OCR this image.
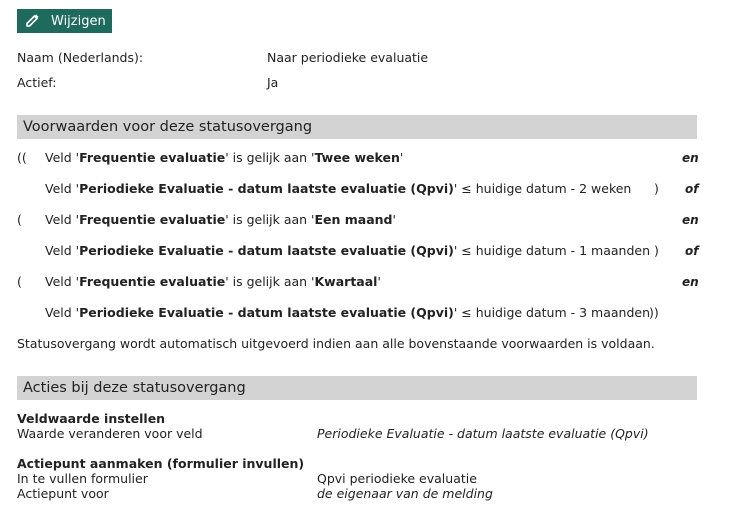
Wijzigen
Naam (Nederlands):	Naar periodieke evaluatie
Actief:	Ja
Voorwaarden voor deze statusovergang
(( Veld 'Frequentie evaluatie' is gelijk aan 'Twee weken'	en
Veld 'Periodieke Evaluatie - datum laatste evaluatie (Qpvi)' ≤ huidige datum - 2 weken ) of
( Veld 'Frequentie evaluatie' is gelijk aan 'Een maand'	en
Veld 'Periodieke Evaluatie - datum laatste evaluatie (Qpvi)' ≤ huidige datum - 1 maanden ) of
( Veld 'Frequentie evaluatie' is gelijk aan 'Kwartaal'	en
Veld 'Periodieke Evaluatie - datum laatste evaluatie (Qpvi)' ≤ huidige datum - 3 maanden ))
Statusovergang wordt automatisch uitgevoerd indien aan alle bovenstaande voorwaarden is voldaan.
Acties bij deze statusovergang
Veldwaarde instellen
Waarde veranderen voor veld	Periodieke Evaluatie - datum laatste evaluatie (Qpvi)
Actiepunt aanmaken (formulier invullen)
In te vullen formulier	Qpvi periodieke evaluatie
Actiepunt voor	de eigenaar van de melding
